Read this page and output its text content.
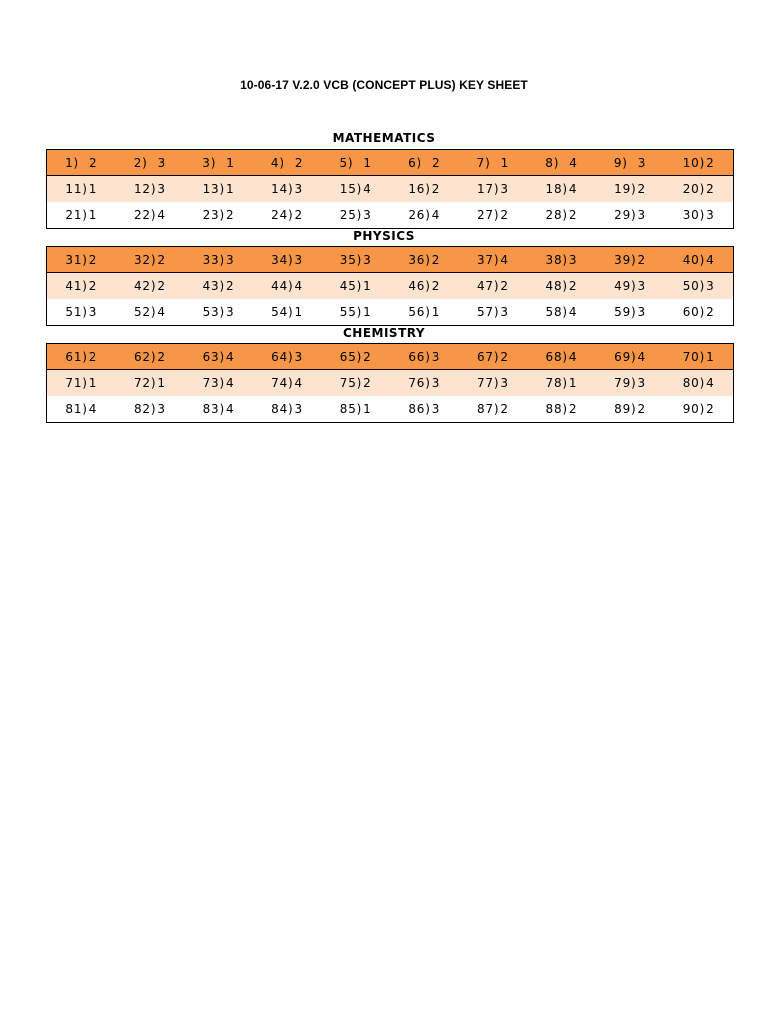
10-06-17 V.2.0 VCB (CONCEPT PLUS) KEY SHEET
MATHEMATICS
1) 2	2) 3	3) 1	4) 2	5) 1	6) 2	7) 1	8) 4	9) 3	10) 2
11) 1	12) 3	13) 1	14) 3	15) 4	16) 2	17) 3	18) 4	19) 2	20) 2
21) 1	22) 4	23) 2	24) 2	25) 3	26) 4	27) 2	28) 2	29) 3	30) 3
PHYSICS
31) 2	32) 2	33) 3	34) 3	35) 3	36) 2	37) 4	38) 3	39) 2	40) 4
41) 2	42) 2	43) 2	44) 4	45) 1	46) 2	47) 2	48) 2	49) 3	50) 3
51) 3	52) 4	53) 3	54) 1	55) 1	56) 1	57) 3	58) 4	59) 3	60) 2
CHEMISTRY
61) 2	62) 2	63) 4	64) 3	65) 2	66) 3	67) 2	68) 4	69) 4	70) 1
71) 1	72) 1	73) 4	74) 4	75) 2	76) 3	77) 3	78) 1	79) 3	80) 4
81) 4	82) 3	83) 4	84) 3	85) 1	86) 3	87) 2	88) 2	89) 2	90) 2
